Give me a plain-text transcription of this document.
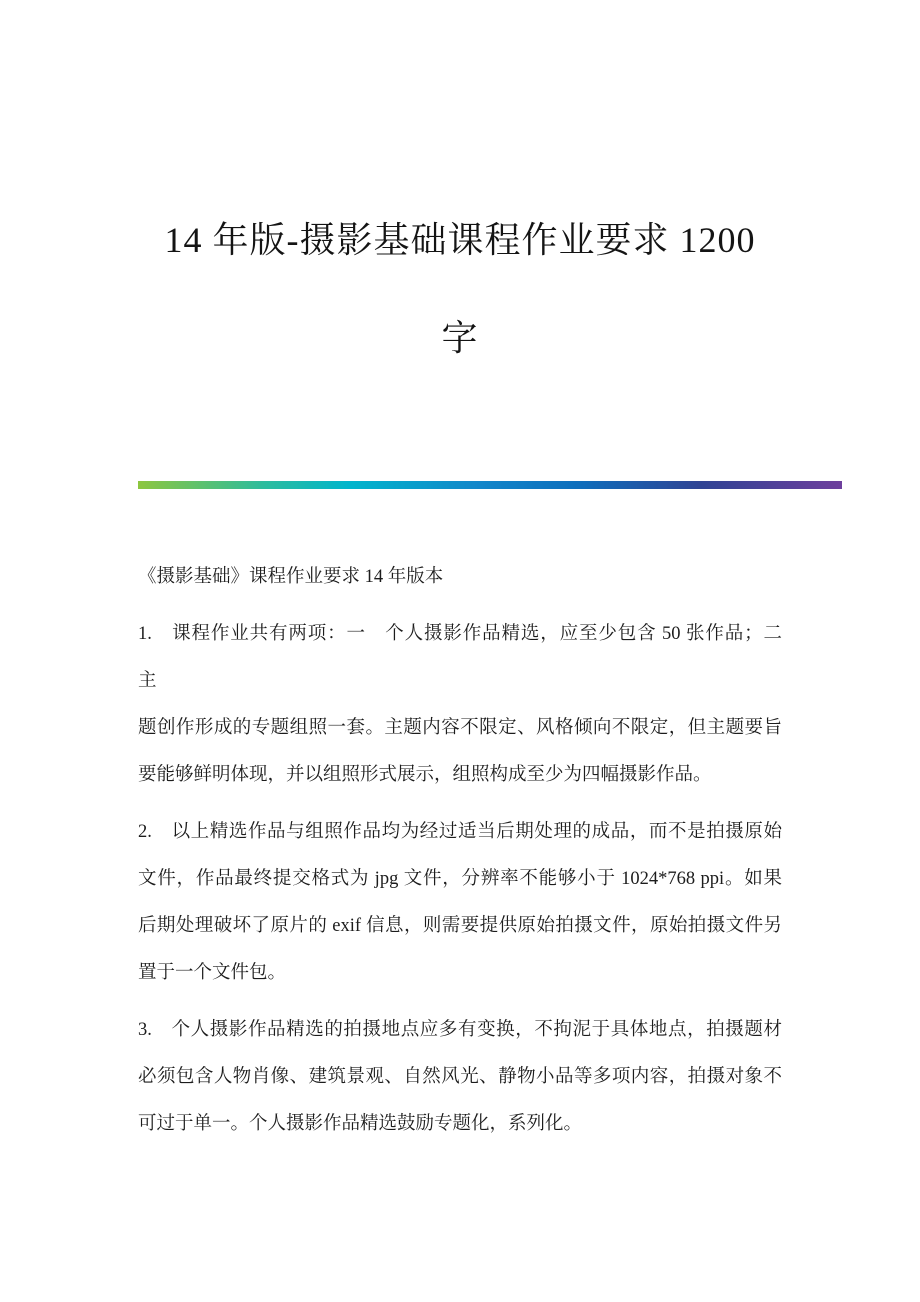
14 年版-摄影基础课程作业要求 1200
字
《摄影基础》课程作业要求 14 年版本
1.　课程作业共有两项：一　个人摄影作品精选，应至少包含 50 张作品；二　主
题创作形成的专题组照一套。主题内容不限定、风格倾向不限定，但主题要旨
要能够鲜明体现，并以组照形式展示，组照构成至少为四幅摄影作品。
2.　以上精选作品与组照作品均为经过适当后期处理的成品，而不是拍摄原始
文件，作品最终提交格式为 jpg 文件，分辨率不能够小于 1024*768 ppi。如果
后期处理破坏了原片的 exif 信息，则需要提供原始拍摄文件，原始拍摄文件另
置于一个文件包。
3.　个人摄影作品精选的拍摄地点应多有变换，不拘泥于具体地点，拍摄题材
必须包含人物肖像、建筑景观、自然风光、静物小品等多项内容，拍摄对象不
可过于单一。个人摄影作品精选鼓励专题化，系列化。
